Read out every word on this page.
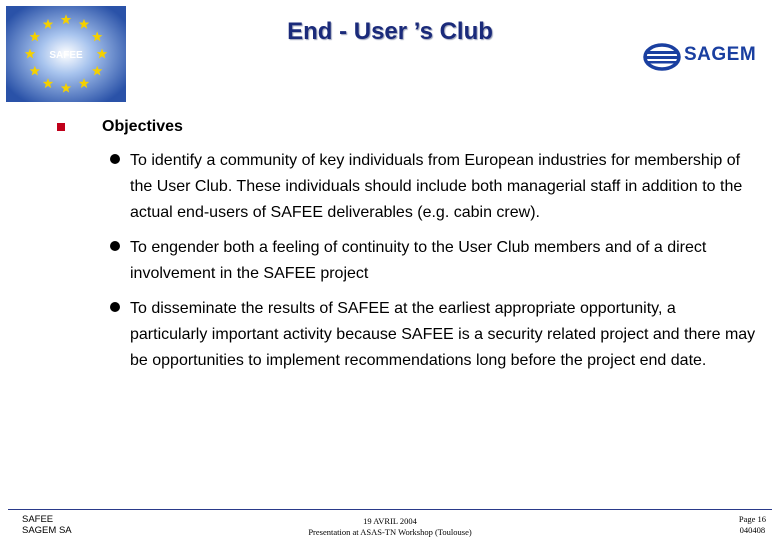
SAFEE
End - User ’s Club
SAGEM
Objectives
To identify a community of key individuals from European industries for membership of the User Club. These individuals should include both managerial staff in addition to the actual end-users of SAFEE deliverables (e.g. cabin crew).
To engender both a feeling of continuity to the User Club members and of a direct involvement in the SAFEE project
To disseminate the results of SAFEE at the earliest appropriate opportunity, a particularly important activity because SAFEE is a security related project and there may be opportunities to implement recommendations long before the project end date.
SAFEE
SAGEM SA
19 AVRIL 2004
Presentation at ASAS-TN Workshop (Toulouse)
Page 16
040408
